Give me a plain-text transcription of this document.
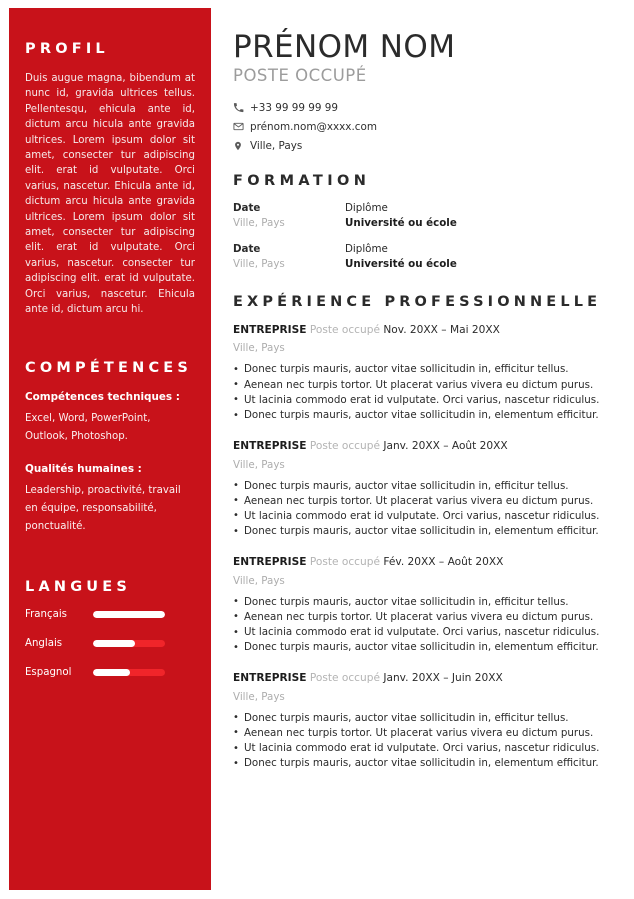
PROFIL

Duis augue magna, bibendum at nunc id, gravida ultrices tellus. Pellentesqu, ehicula ante id, dictum arcu hicula ante gravida ultrices. Lorem ipsum dolor sit amet, consecter tur adipiscing elit. erat id vulputate. Orci varius, nascetur. Ehicula ante id, dictum arcu hicula ante gravida ultrices. Lorem ipsum dolor sit amet, consecter tur adipiscing elit. erat id vulputate. Orci varius, nascetur. consecter tur adipiscing elit. erat id vulputate. Orci varius, nascetur. Ehicula ante id, dictum arcu hi.

COMPÉTENCES

Compétences techniques :

Excel, Word, PowerPoint, Outlook, Photoshop.

Qualités humaines :

Leadership, proactivité, travail en équipe, responsabilité, ponctualité.

LANGUES
Français
Anglais
Espagnol
PRÉNOM NOM
POSTE OCCUPÉ
+33 99 99 99 99
prénom.nom@xxxx.com
Ville, Pays
FORMATION
Date
Ville, Pays
Diplôme
Université ou école
Date
Ville, Pays
Diplôme
Université ou école
EXPÉRIENCE PROFESSIONNELLE
ENTREPRISE Poste occupé Nov. 20XX – Mai 20XX
Ville, Pays
• Donec turpis mauris, auctor vitae sollicitudin in, efficitur tellus.
• Aenean nec turpis tortor. Ut placerat varius vivera eu dictum purus.
• Ut lacinia commodo erat id vulputate. Orci varius, nascetur ridiculus.
• Donec turpis mauris, auctor vitae sollicitudin in, elementum efficitur.
ENTREPRISE Poste occupé Janv. 20XX – Août 20XX
Ville, Pays
• Donec turpis mauris, auctor vitae sollicitudin in, efficitur tellus.
• Aenean nec turpis tortor. Ut placerat varius vivera eu dictum purus.
• Ut lacinia commodo erat id vulputate. Orci varius, nascetur ridiculus.
• Donec turpis mauris, auctor vitae sollicitudin in, elementum efficitur.
ENTREPRISE Poste occupé Fév. 20XX – Août 20XX
Ville, Pays
• Donec turpis mauris, auctor vitae sollicitudin in, efficitur tellus.
• Aenean nec turpis tortor. Ut placerat varius vivera eu dictum purus.
• Ut lacinia commodo erat id vulputate. Orci varius, nascetur ridiculus.
• Donec turpis mauris, auctor vitae sollicitudin in, elementum efficitur.
ENTREPRISE Poste occupé Janv. 20XX – Juin 20XX
Ville, Pays
• Donec turpis mauris, auctor vitae sollicitudin in, efficitur tellus.
• Aenean nec turpis tortor. Ut placerat varius vivera eu dictum purus.
• Ut lacinia commodo erat id vulputate. Orci varius, nascetur ridiculus.
• Donec turpis mauris, auctor vitae sollicitudin in, elementum efficitur.
